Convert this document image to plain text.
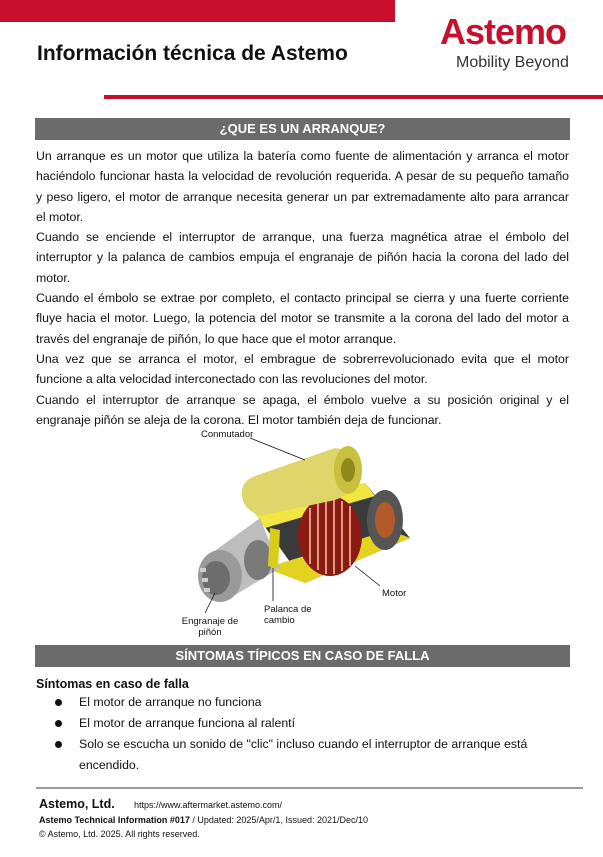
Información técnica de Astemo
Astemo
Mobility Beyond
¿QUE ES UN ARRANQUE?

Un arranque es un motor que utiliza la batería como fuente de alimentación y arranca el motor haciéndolo funcionar hasta la velocidad de revolución requerida. A pesar de su pequeño tamaño y peso ligero, el motor de arranque necesita generar un par extremadamente alto para arrancar el motor.

Cuando se enciende el interruptor de arranque, una fuerza magnética atrae el émbolo del interruptor y la palanca de cambios empuja el engranaje de piñón hacia la corona del lado del motor.

Cuando el émbolo se extrae por completo, el contacto principal se cierra y una fuerte corriente fluye hacia el motor. Luego, la potencia del motor se transmite a la corona del lado del motor a través del engranaje de piñón, lo que hace que el motor arranque.

Una vez que se arranca el motor, el embrague de sobrerrevolucionado evita que el motor funcione a alta velocidad interconectado con las revoluciones del motor.

Cuando el interruptor de arranque se apaga, el émbolo vuelve a su posición original y el engranaje piñón se aleja de la corona. El motor también deja de funcionar.

Conmutador
Motor
Palanca de cambio
Engranaje de piñón
SÍNTOMAS TÍPICOS EN CASO DE FALLA
Síntomas en caso de falla
El motor de arranque no funciona
El motor de arranque funciona al ralentí
Solo se escucha un sonido de "clic" incluso cuando el interruptor de arranque está encendido.
Astemo, Ltd. https://www.aftermarket.astemo.com/
Astemo Technical Information #017 / Updated: 2025/Apr/1, Issued: 2021/Dec/10
© Astemo, Ltd. 2025. All rights reserved.
